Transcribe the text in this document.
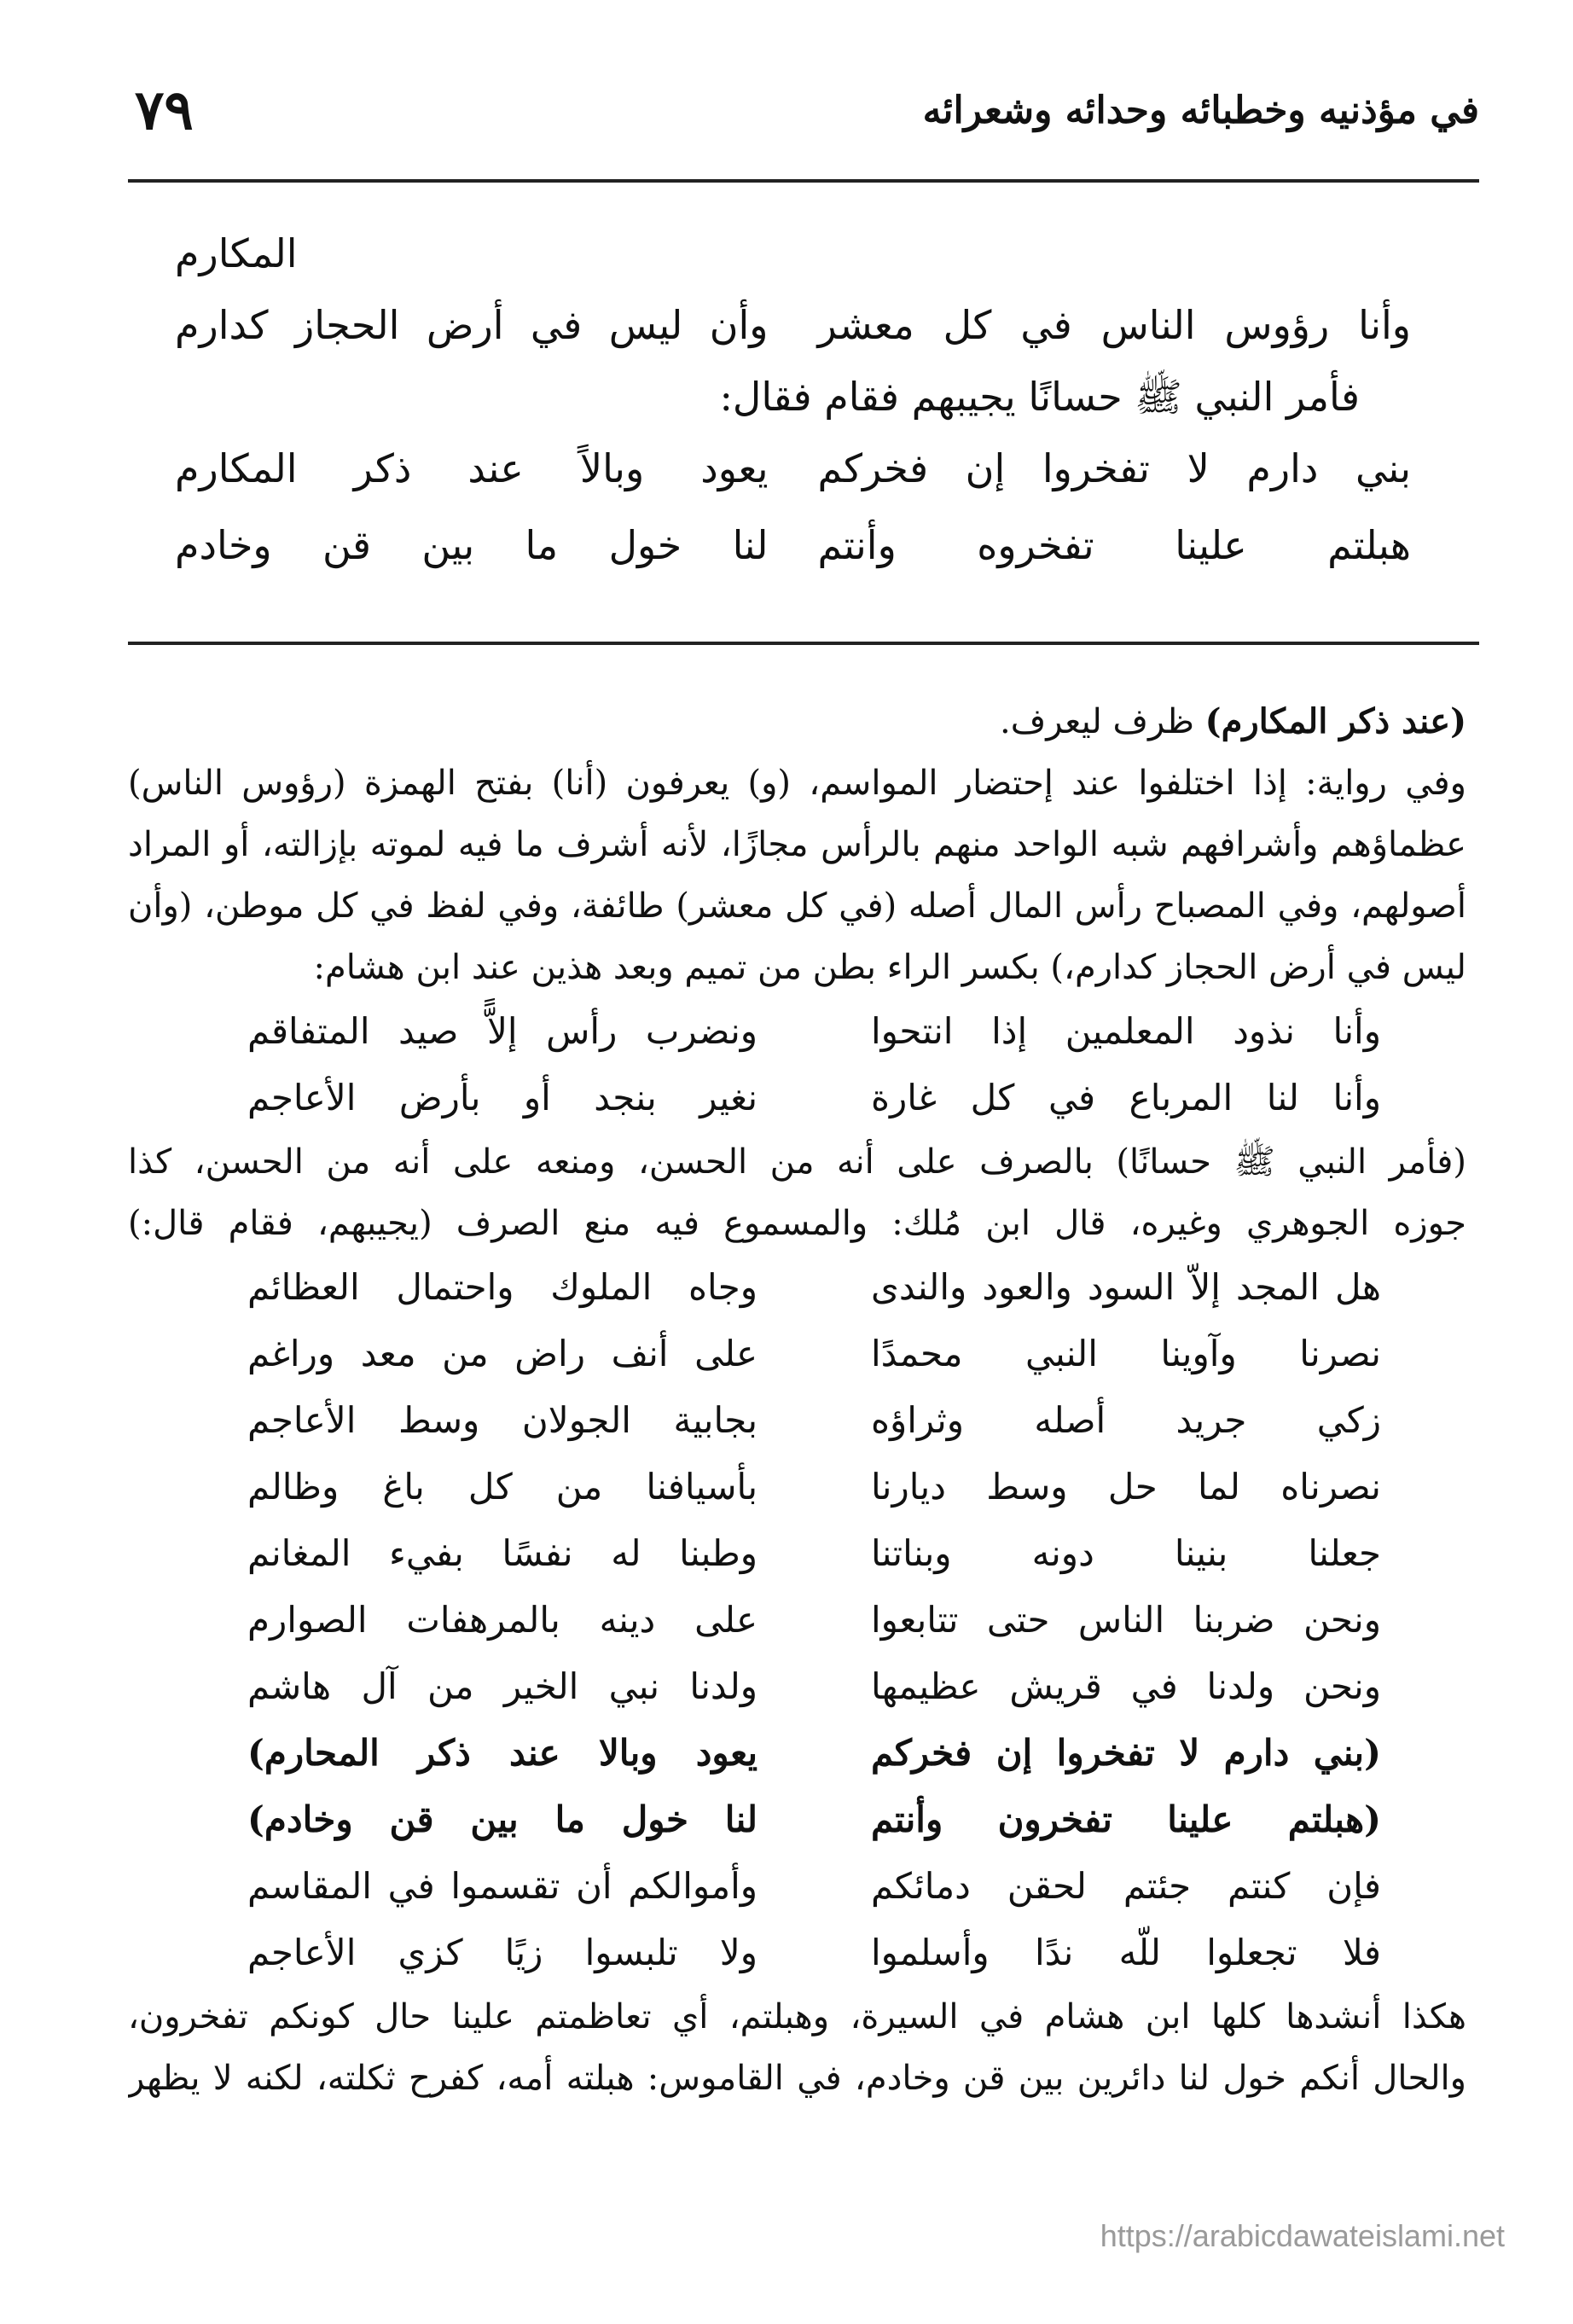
في مؤذنيه وخطبائه وحدائه وشعرائه
٧٩
المكارم
وأنا رؤوس الناس في كل معشر
وأن ليس في أرض الحجاز كدارم
فأمر النبي ﷺ حسانًا يجيبهم فقام فقال:
بني دارم لا تفخروا إن فخركم
يعود وبالاً عند ذكر المكارم
هبلتم علينا تفخروه وأنتم
لنا خول ما بين قن وخادم
(عند ذكر المكارم) ظرف ليعرف.
وفي رواية: إذا اختلفوا عند إحتضار المواسم، (و) يعرفون (أنا) بفتح الهمزة (رؤوس الناس)
عظماؤهم وأشرافهم شبه الواحد منهم بالرأس مجازًا، لأنه أشرف ما فيه لموته بإزالته، أو المراد
أصولهم، وفي المصباح رأس المال أصله (في كل معشر) طائفة، وفي لفظ في كل موطن، (وأن
ليس في أرض الحجاز كدارم،) بكسر الراء بطن من تميم وبعد هذين عند ابن هشام:
وأنا نذود المعلمين إذا انتحوا
ونضرب رأس إلاًّ صيد المتفاقم
وأنا لنا المرباع في كل غارة
نغير بنجد أو بأرض الأعاجم
(فأمر النبي ﷺ حسانًا) بالصرف على أنه من الحسن، ومنعه على أنه من الحسن، كذا
جوزه الجوهري وغيره، قال ابن مُلك: والمسموع فيه منع الصرف (يجيبهم، فقام قال:)
هل المجد إلاّ السود والعود والندى
وجاه الملوك واحتمال العظائم
نصرنا وآوينا النبي محمدًا
على أنف راض من معد وراغم
زكي جريد أصله وثراؤه
بجابية الجولان وسط الأعاجم
نصرناه لما حل وسط ديارنا
بأسيافنا من كل باغ وظالم
جعلنا بنينا دونه وبناتنا
وطبنا له نفسًا بفيء المغانم
ونحن ضربنا الناس حتى تتابعوا
على دينه بالمرهفات الصوارم
ونحن ولدنا في قريش عظيمها
ولدنا نبي الخير من آل هاشم
(بني دارم لا تفخروا إن فخركم
يعود وبالا عند ذكر المحارم)
(هبلتم علينا تفخرون وأنتم
لنا خول ما بين قن وخادم)
فإن كنتم جئتم لحقن دمائكم
وأموالكم أن تقسموا في المقاسم
فلا تجعلوا للّه ندًا وأسلموا
ولا تلبسوا زيًا كزي الأعاجم
هكذا أنشدها كلها ابن هشام في السيرة، وهبلتم، أي تعاظمتم علينا حال كونكم تفخرون،
والحال أنكم خول لنا دائرين بين قن وخادم، في القاموس: هبلته أمه، كفرح ثكلته، لكنه لا يظهر
https://arabicdawateislami.net
